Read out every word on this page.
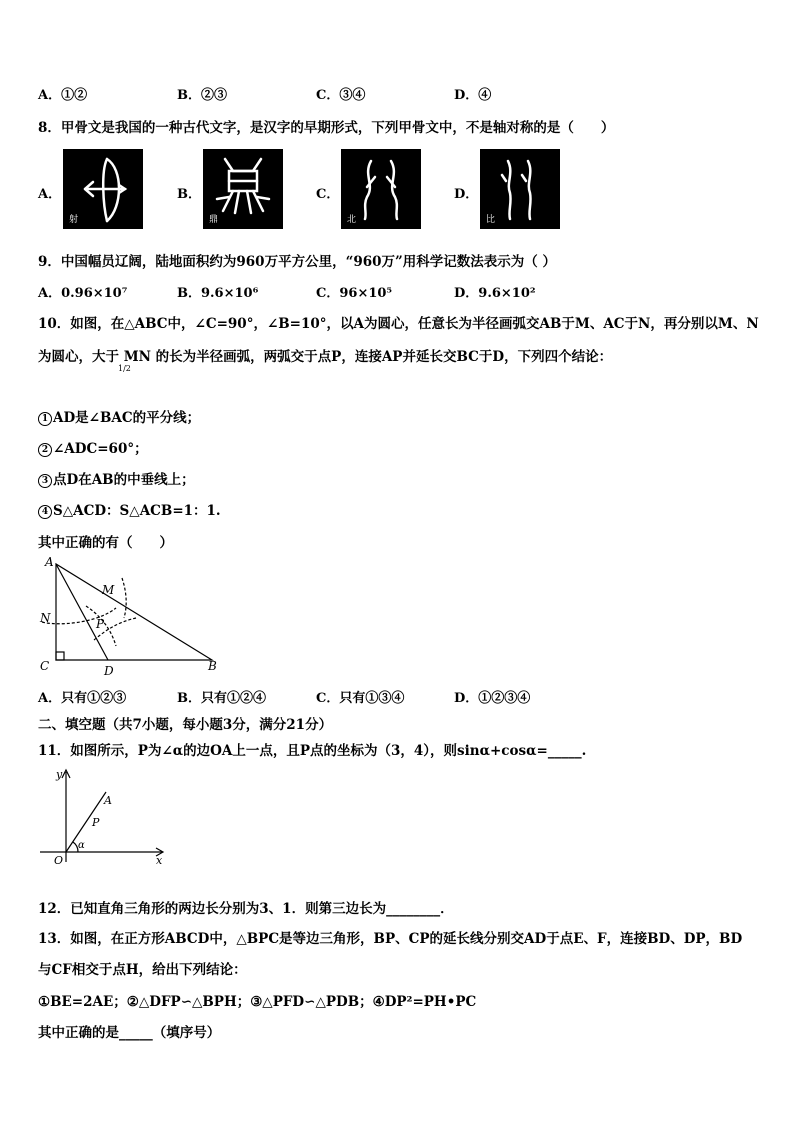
A．①②	B．②③	C．③④	D．④
8．甲骨文是我国的一种古代文字，是汉字的早期形式，下列甲骨文中，不是轴对称的是（　　）
A．
射
B．
鼎
C．
北
D．
比
9．中国幅员辽阔，陆地面积约为960万平方公里，“960万”用科学记数法表示为（ ）
A．0.96×10⁷	B．9.6×10⁶	C．96×10⁵	D．9.6×10²
10．如图，在△ABC中，∠C=90°，∠B=10°，以A为圆心，任意长为半径画弧交AB于M、AC于N，再分别以M、N
为圆心，大于 MN 的长为半径画弧，两弧交于点P，连接AP并延长交BC于D，下列四个结论：
1/2
1 AD是∠BAC的平分线；
2 ∠ADC=60°；
3 点D在AB的中垂线上；
4 S△ACD：S△ACB=1：1.
其中正确的有（　　）
A
M
N	P
C	D	B
A．只有①②③	B．只有①②④	C．只有①③④	D．①②③④
二、填空题（共7小题，每小题3分，满分21分）
11．如图所示，P为∠α的边OA上一点，且P点的坐标为（3，4），则sinα+cosα=_____.
y
A
P
α
O	x
12．已知直角三角形的两边长分别为3、1．则第三边长为________．
13．如图，在正方形ABCD中，△BPC是等边三角形，BP、CP的延长线分别交AD于点E、F，连接BD、DP，BD
与CF相交于点H，给出下列结论：
①BE=2AE；②△DFP∽△BPH；③△PFD∽△PDB；④DP²=PH•PC
其中正确的是_____（填序号）
